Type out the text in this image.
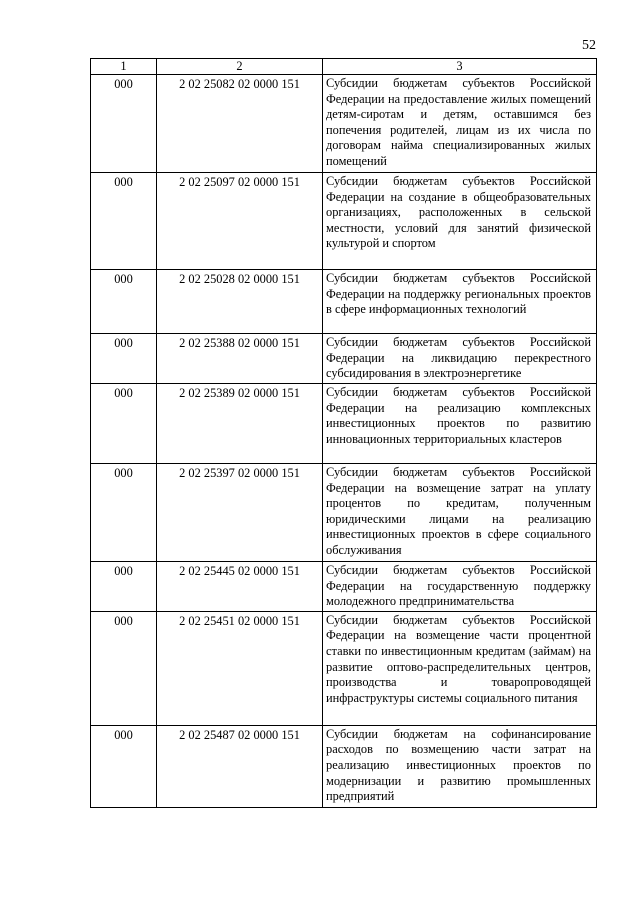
52
1	2	3
000	2 02 25082 02 0000 151	Субсидии бюджетам субъектов Российской Федерации на предоставление жилых помещений детям-сиротам и детям, оставшимся без попечения родителей, лицам из их числа по договорам найма специализированных жилых помещений
000	2 02 25097 02 0000 151	Субсидии бюджетам субъектов Российской Федерации на создание в общеобразовательных организациях, расположенных в сельской местности, условий для занятий физической культурой и спортом
000	2 02 25028 02 0000 151	Субсидии бюджетам субъектов Российской Федерации на поддержку региональных проектов в сфере информационных технологий
000	2 02 25388 02 0000 151	Субсидии бюджетам субъектов Российской Федерации на ликвидацию перекрестного субсидирования в электроэнергетике
000	2 02 25389 02 0000 151	Субсидии бюджетам субъектов Российской Федерации на реализацию комплексных инвестиционных проектов по развитию инновационных территориальных кластеров
000	2 02 25397 02 0000 151	Субсидии бюджетам субъектов Российской Федерации на возмещение затрат на уплату процентов по кредитам, полученным юридическими лицами на реализацию инвестиционных проектов в сфере социального обслуживания
000	2 02 25445 02 0000 151	Субсидии бюджетам субъектов Российской Федерации на государственную поддержку молодежного предпринимательства
000	2 02 25451 02 0000 151	Субсидии бюджетам субъектов Российской Федерации на возмещение части процентной ставки по инвестиционным кредитам (займам) на развитие оптово-распределительных центров, производства и товаропроводящей инфраструктуры системы социального питания
000	2 02 25487 02 0000 151	Субсидии бюджетам на софинансирование расходов по возмещению части затрат на реализацию инвестиционных проектов по модернизации и развитию промышленных предприятий
